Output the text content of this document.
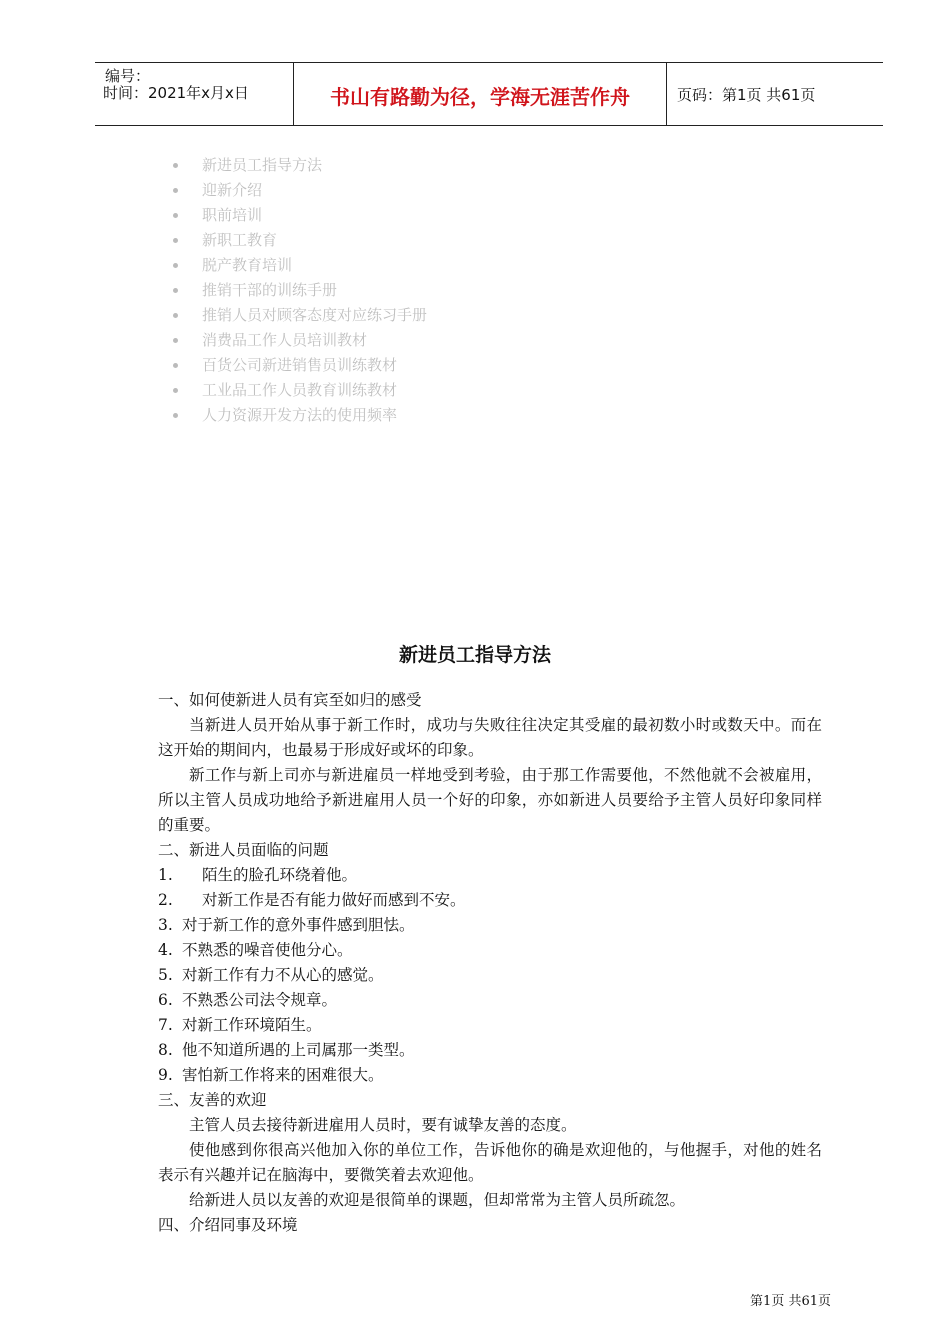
编号：
时间：2021年x月x日	书山有路勤为径，学海无涯苦作舟	页码：第1页 共61页
新进员工指导方法
迎新介绍
职前培训
新职工教育
脱产教育培训
推销干部的训练手册
推销人员对顾客态度对应练习手册
消费品工作人员培训教材
百货公司新进销售员训练教材
工业品工作人员教育训练教材
人力资源开发方法的使用频率
新进员工指导方法

一、如何使新进人员有宾至如归的感受

当新进人员开始从事于新工作时，成功与失败往往决定其受雇的最初数小时或数天中。而在这开始的期间内，也最易于形成好或坏的印象。

新工作与新上司亦与新进雇员一样地受到考验，由于那工作需要他，不然他就不会被雇用，所以主管人员成功地给予新进雇用人员一个好的印象，亦如新进人员要给予主管人员好印象同样的重要。

二、新进人员面临的问题

1. 陌生的脸孔环绕着他。

2. 对新工作是否有能力做好而感到不安。

3. 对于新工作的意外事件感到胆怯。

4. 不熟悉的噪音使他分心。

5. 对新工作有力不从心的感觉。

6. 不熟悉公司法令规章。

7. 对新工作环境陌生。

8. 他不知道所遇的上司属那一类型。

9. 害怕新工作将来的困难很大。

三、友善的欢迎

主管人员去接待新进雇用人员时，要有诚挚友善的态度。

使他感到你很高兴他加入你的单位工作，告诉他你的确是欢迎他的，与他握手，对他的姓名表示有兴趣并记在脑海中，要微笑着去欢迎他。

给新进人员以友善的欢迎是很简单的课题，但却常常为主管人员所疏忽。

四、介绍同事及环境

第1页 共61页
